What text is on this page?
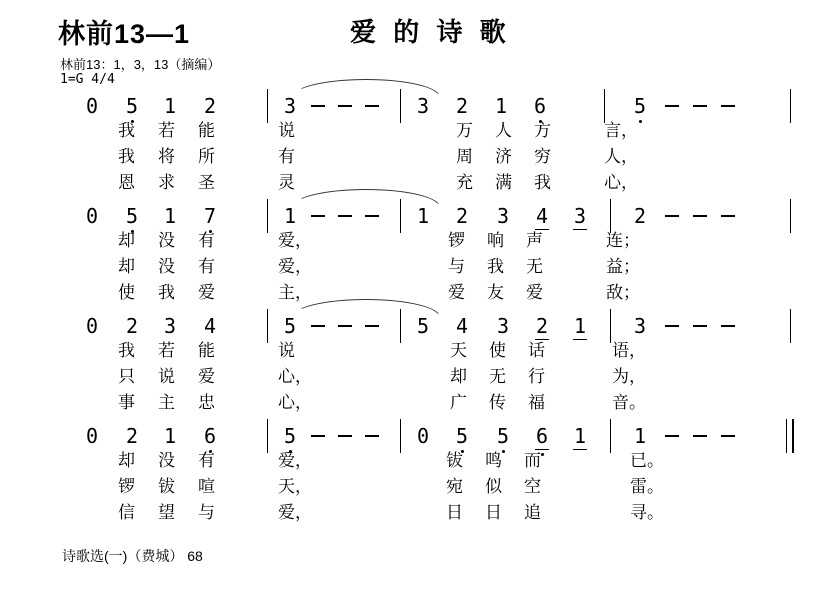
林前13—1	爱 的 诗 歌
林前13：1，3，13（摘编）
1=G 4/4
0 5 1 2	3	3 2 1 6	5
我 若 能	说	万 人 方	言，
我 将 所	有	周 济 穷	人，
恩 求 圣	灵	充 满 我	心，
0 5 1 7	1	1 2 3 4 3 2
却 没 有	爱，	锣 响 声	连；
却 没 有	爱，	与 我 无	益；
使 我 爱	主，	爱 友 爱	敌；
0 2 3 4	5	5 4 3 2 1 3
我 若 能	说	天 使 话	语，
只 说 爱	心，	却 无 行	为，
事 主 忠	心，	广 传 福	音。
0 2 1 6	5	0 5 5 6 1 1
却 没 有	爱，	钹 鸣 而	已。
锣 钹 喧	天，	宛 似 空	雷。
信 望 与	爱，	日 日 追	寻。
诗歌选(一)（费城） 68
